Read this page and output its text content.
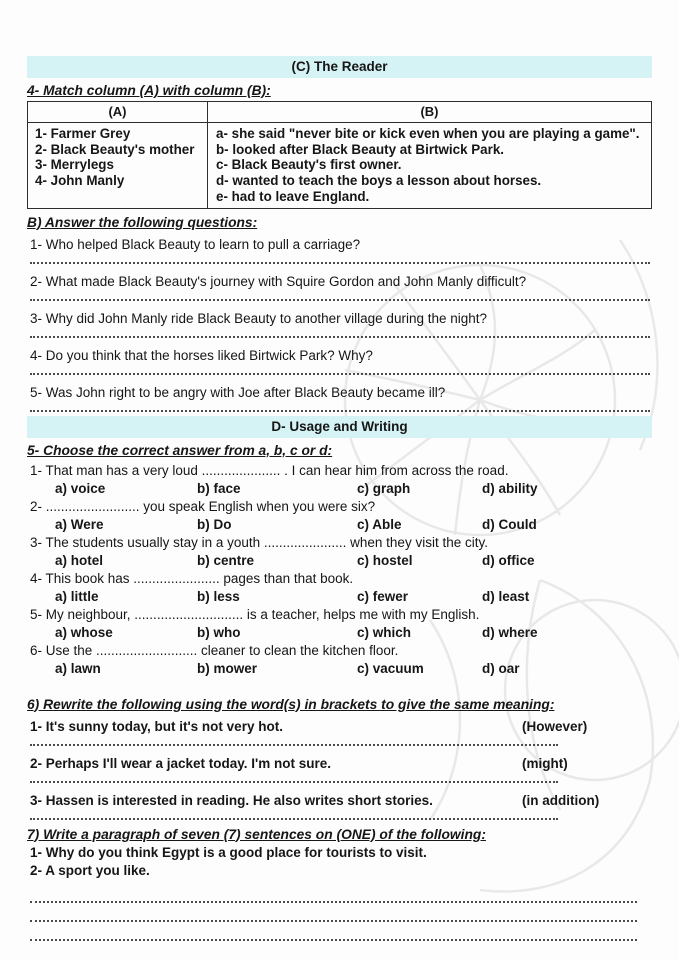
(C) The Reader
4- Match column (A) with column (B):
(A)	(B)
1- Farmer Grey	a- she said "never bite or kick even when you are playing a game".
2- Black Beauty's mother	b- looked after Black Beauty at Birtwick Park.
3- Merrylegs	c- Black Beauty's first owner.
4- John Manly	d- wanted to teach the boys a lesson about horses.
	e- had to leave England.
B) Answer the following questions:
1- Who helped Black Beauty to learn to pull a carriage?
2- What made Black Beauty's journey with Squire Gordon and John Manly difficult?
3- Why did John Manly ride Black Beauty to another village during the night?
4- Do you think that the horses liked Birtwick Park? Why?
5- Was John right to be angry with Joe after Black Beauty became ill?
D- Usage and Writing
5- Choose the correct answer from a, b, c or d:
1- That man has a very loud ..................... . I can hear him from across the road.
a) voice	b) face	c) graph	d) ability
2- ......................... you speak English when you were six?
a) Were	b) Do	c) Able	d) Could
3- The students usually stay in a youth ...................... when they visit the city.
a) hotel	b) centre	c) hostel	d) office
4- This book has ....................... pages than that book.
a) little	b) less	c) fewer	d) least
5- My neighbour, ............................. is a teacher, helps me with my English.
a) whose	b) who	c) which	d) where
6- Use the ........................... cleaner to clean the kitchen floor.
a) lawn	b) mower	c) vacuum	d) oar
6) Rewrite the following using the word(s) in brackets to give the same meaning:
1- It's sunny today, but it's not very hot.	(However)
2- Perhaps I'll wear a jacket today. I'm not sure.	(might)
3- Hassen is interested in reading. He also writes short stories.	(in addition)
7) Write a paragraph of seven (7) sentences on (ONE) of the following:
1- Why do you think Egypt is a good place for tourists to visit.
2- A sport you like.
